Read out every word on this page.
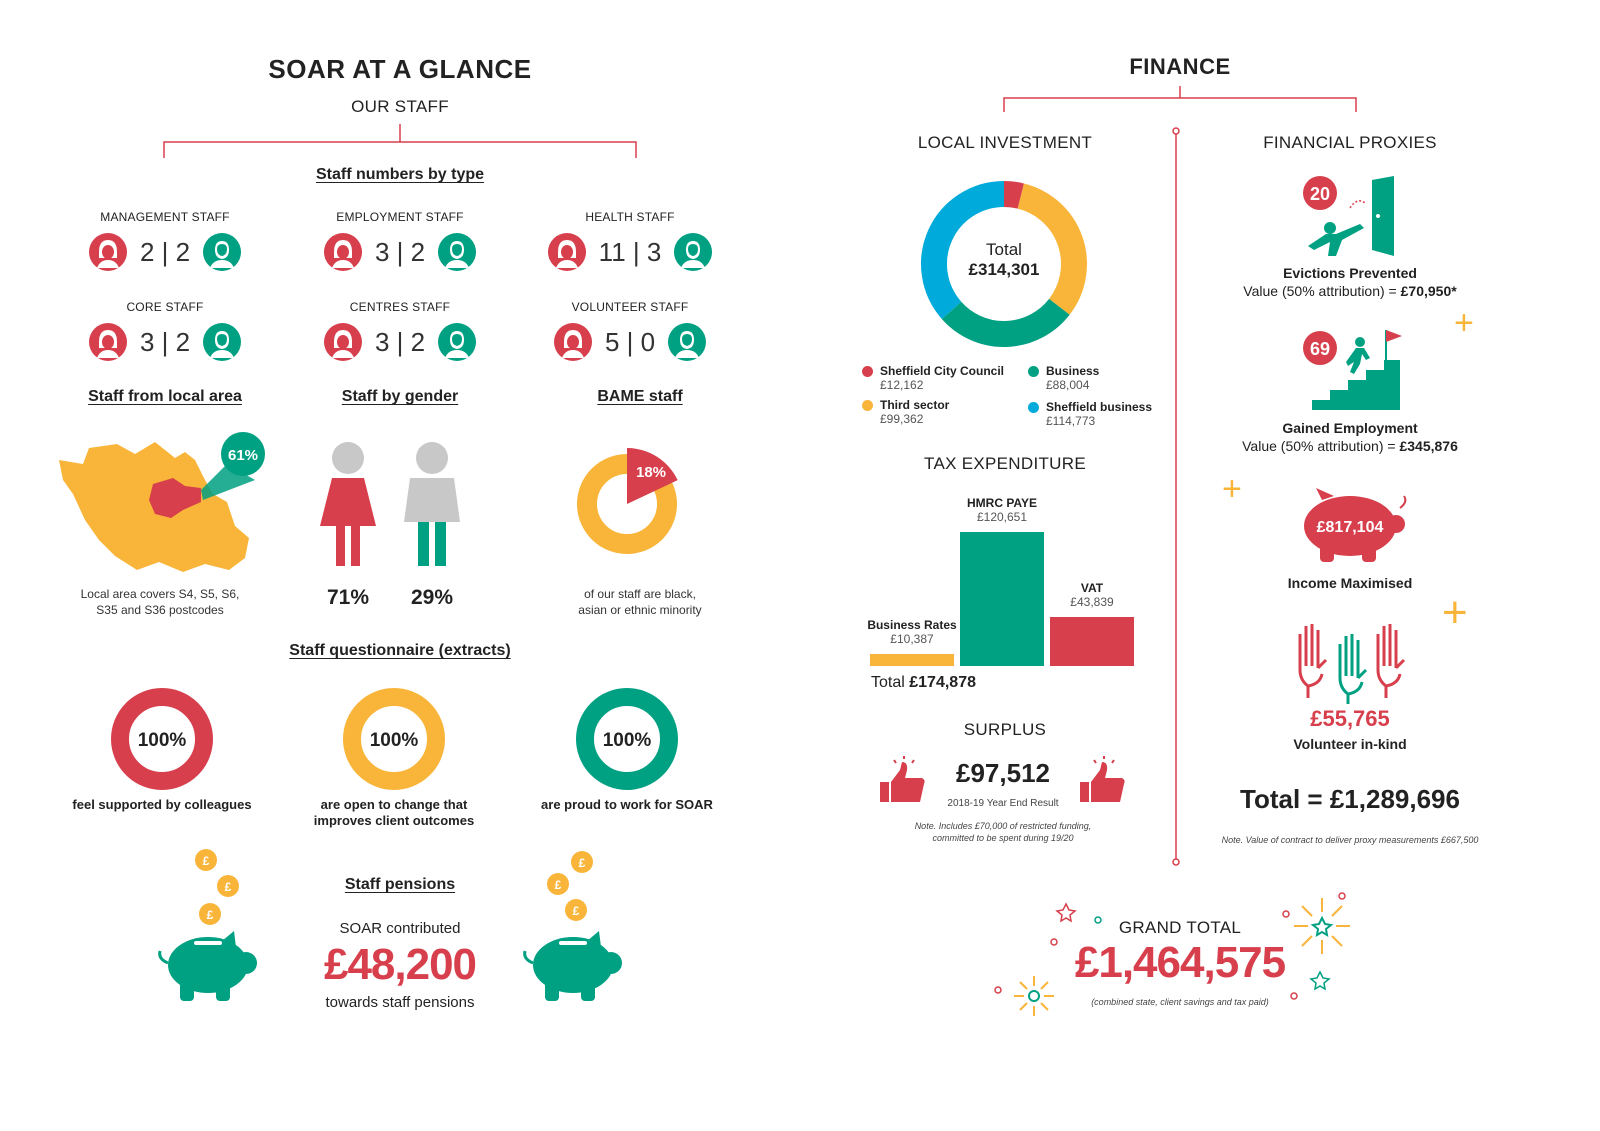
SOAR AT A GLANCE
OUR STAFF
Staff numbers by type
MANAGEMENT STAFF
2 | 2
EMPLOYMENT STAFF
3 | 2
HEALTH STAFF
11 | 3
CORE STAFF
3 | 2
CENTRES STAFF
3 | 2
VOLUNTEER STAFF
5 | 0
Staff from local area	Staff by gender	BAME staff
61%
Local area covers S4, S5, S6,
S35 and S36 postcodes
71%	29%
18%
of our staff are black,
asian or ethnic minority
Staff questionnaire (extracts)
100%	100%	100%
feel supported by colleagues	are open to change that
improves client outcomes
are proud to work for SOAR
£
£
£
£
£
£
Staff pensions
SOAR contributed
£48,200
towards staff pensions
FINANCE
LOCAL INVESTMENT
Total
£314,301
Sheffield City Council
£12,162
Third sector
£99,362
Business
£88,004
Sheffield business
£114,773
TAX EXPENDITURE
Business Rates
£10,387
HMRC PAYE
£120,651
VAT
£43,839
Total £174,878
SURPLUS
£97,512
2018-19 Year End Result
Note. Includes £70,000 of restricted funding,
committed to be spent during 19/20
FINANCIAL PROXIES
20
Evictions Prevented
Value (50% attribution) = £70,950*
+
69
Gained Employment
Value (50% attribution) = £345,876
+
£817,104
Income Maximised
+
£55,765
Volunteer in-kind
Total = £1,289,696
Note. Value of contract to deliver proxy measurements £667,500
GRAND TOTAL
£1,464,575
(combined state, client savings and tax paid)
